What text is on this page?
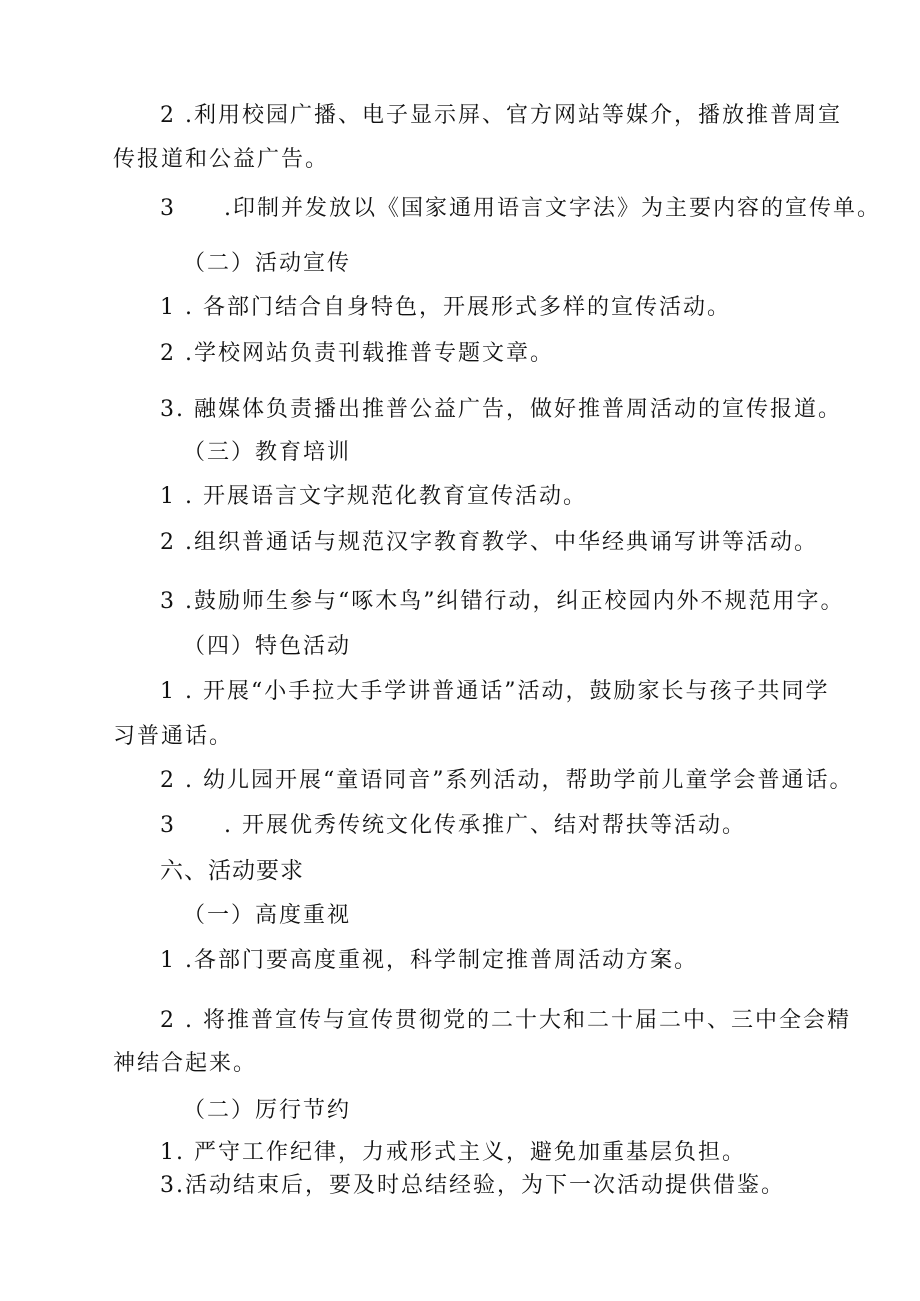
2 .利用校园广播、电子显示屏、官方网站等媒介，播放推普周宣
传报道和公益广告。
3　　.印制并发放以《国家通用语言文字法》为主要内容的宣传单。
（二）活动宣传
1 . 各部门结合自身特色，开展形式多样的宣传活动。
2 .学校网站负责刊载推普专题文章。
3. 融媒体负责播出推普公益广告，做好推普周活动的宣传报道。
（三）教育培训
1 . 开展语言文字规范化教育宣传活动。
2 .组织普通话与规范汉字教育教学、中华经典诵写讲等活动。
3 .鼓励师生参与“啄木鸟”纠错行动，纠正校园内外不规范用字。
（四）特色活动
1 . 开展“小手拉大手学讲普通话”活动，鼓励家长与孩子共同学
习普通话。
2 . 幼儿园开展“童语同音”系列活动，帮助学前儿童学会普通话。
3　　. 开展优秀传统文化传承推广、结对帮扶等活动。
六、活动要求
（一）高度重视
1 .各部门要高度重视，科学制定推普周活动方案。
2 . 将推普宣传与宣传贯彻党的二十大和二十届二中、三中全会精
神结合起来。
（二）厉行节约
1. 严守工作纪律，力戒形式主义，避免加重基层负担。
3.活动结束后，要及时总结经验，为下一次活动提供借鉴。
